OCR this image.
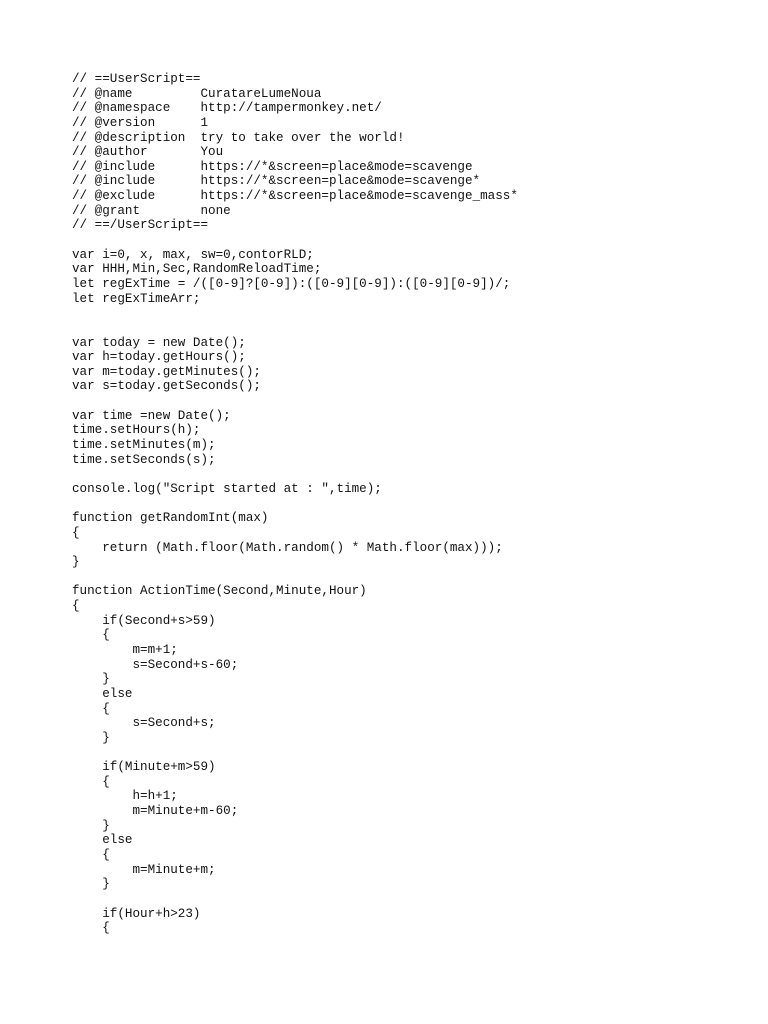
// ==UserScript==
// @name         CuratareLumeNoua
// @namespace    http://tampermonkey.net/
// @version      1
// @description  try to take over the world!
// @author       You
// @include      https://*&screen=place&mode=scavenge
// @include      https://*&screen=place&mode=scavenge*
// @exclude      https://*&screen=place&mode=scavenge_mass*
// @grant        none
// ==/UserScript==
var i=0, x, max, sw=0,contorRLD;
var HHH,Min,Sec,RandomReloadTime;
let regExTime = /([0-9]?[0-9]):([0-9][0-9]):([0-9][0-9])/;
let regExTimeArr;
var today = new Date();
var h=today.getHours();
var m=today.getMinutes();
var s=today.getSeconds();
var time =new Date();
time.setHours(h);
time.setMinutes(m);
time.setSeconds(s);
console.log("Script started at : ",time);
function getRandomInt(max)
{
return (Math.floor(Math.random() * Math.floor(max)));
}
function ActionTime(Second,Minute,Hour)
{
if(Second+s>59)
{
m=m+1;
s=Second+s-60;
}
else
{
s=Second+s;
}
if(Minute+m>59)
{
h=h+1;
m=Minute+m-60;
}
else
{
m=Minute+m;
}
if(Hour+h>23)
{
